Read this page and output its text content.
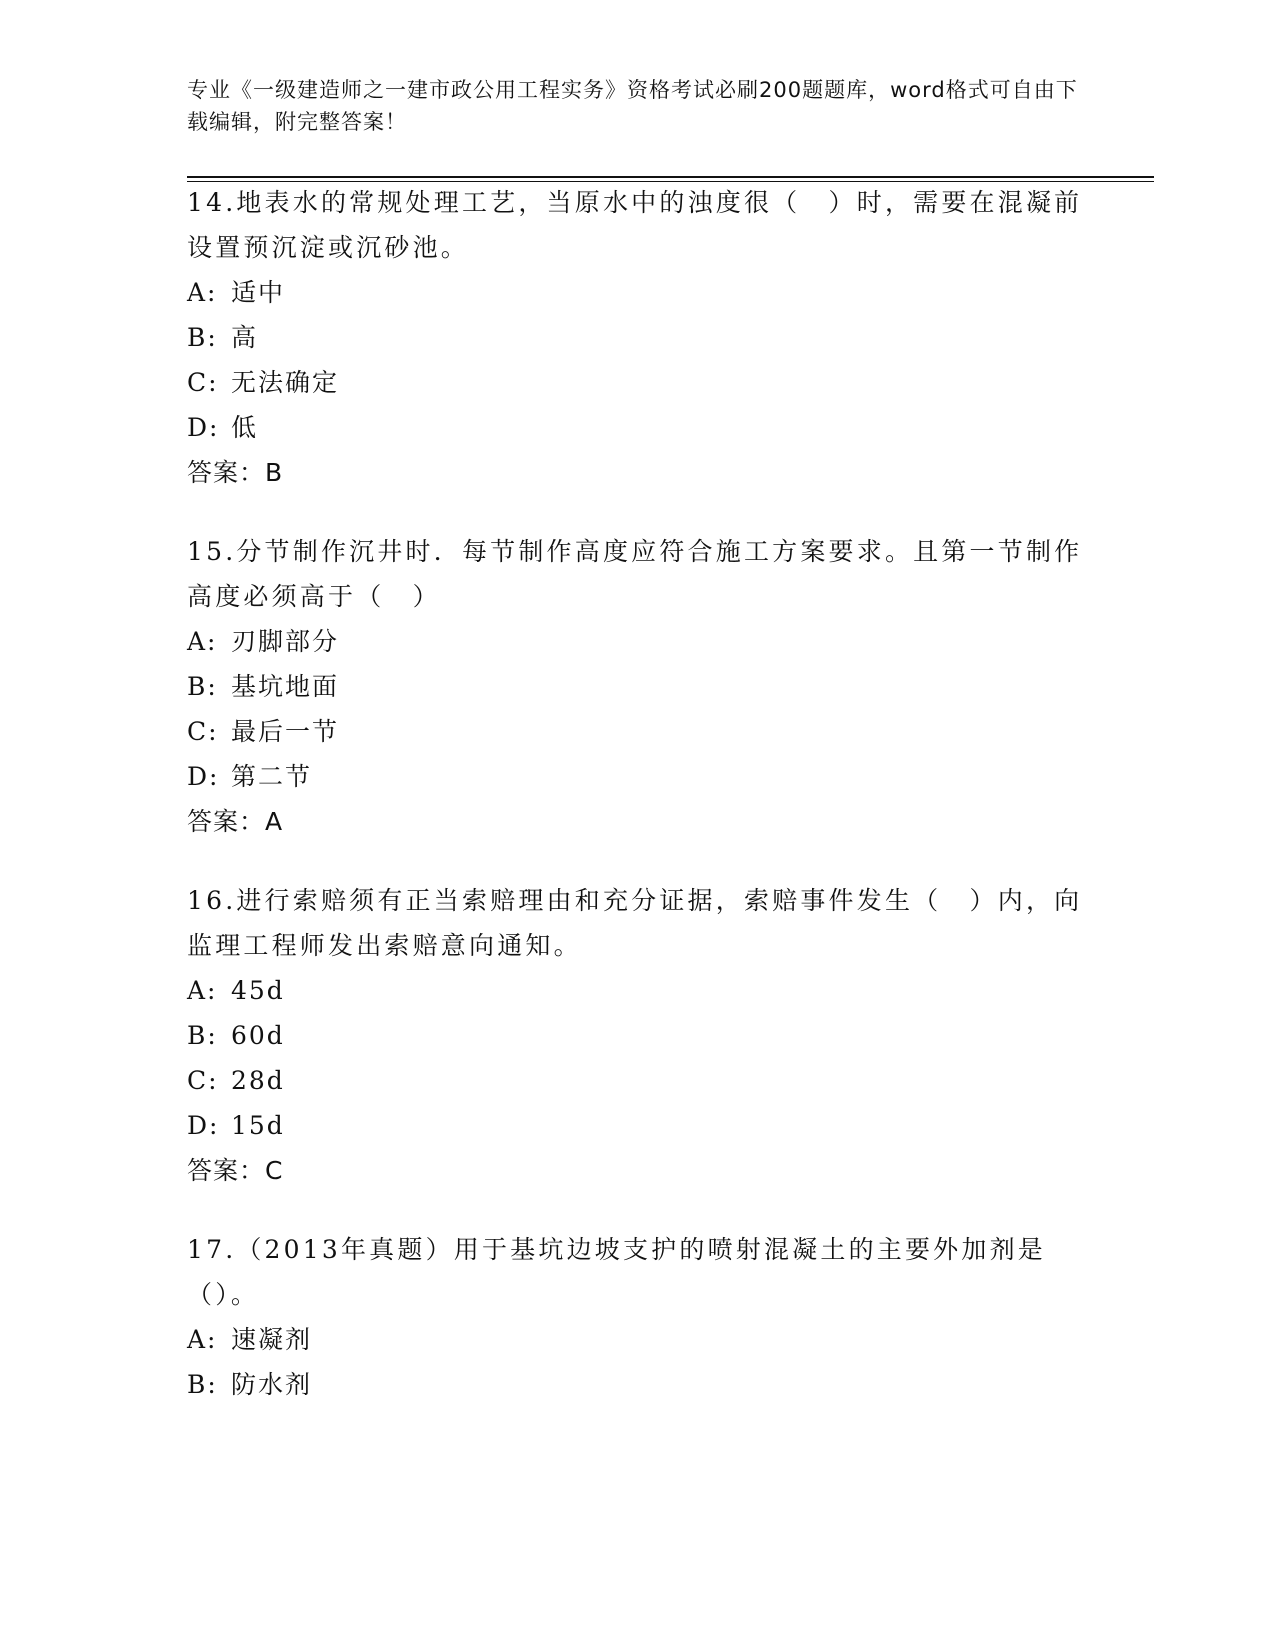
专业《一级建造师之一建市政公用工程实务》资格考试必刷200题题库，word格式可自由下载编辑，附完整答案！

14.地表水的常规处理工艺，当原水中的浊度很（　）时，需要在混凝前设置预沉淀或沉砂池。

A: 适中
B: 高
C: 无法确定
D: 低
答案：B

15.分节制作沉井时．每节制作高度应符合施工方案要求。且第一节制作高度必须高于（　）

A: 刃脚部分
B: 基坑地面
C: 最后一节
D: 第二节
答案：A

16.进行索赔须有正当索赔理由和充分证据，索赔事件发生（　）内，向监理工程师发出索赔意向通知。

A: 45d
B: 60d
C: 28d
D: 15d
答案：C

17.（2013年真题）用于基坑边坡支护的喷射混凝土的主要外加剂是（）。

A: 速凝剂
B: 防水剂
